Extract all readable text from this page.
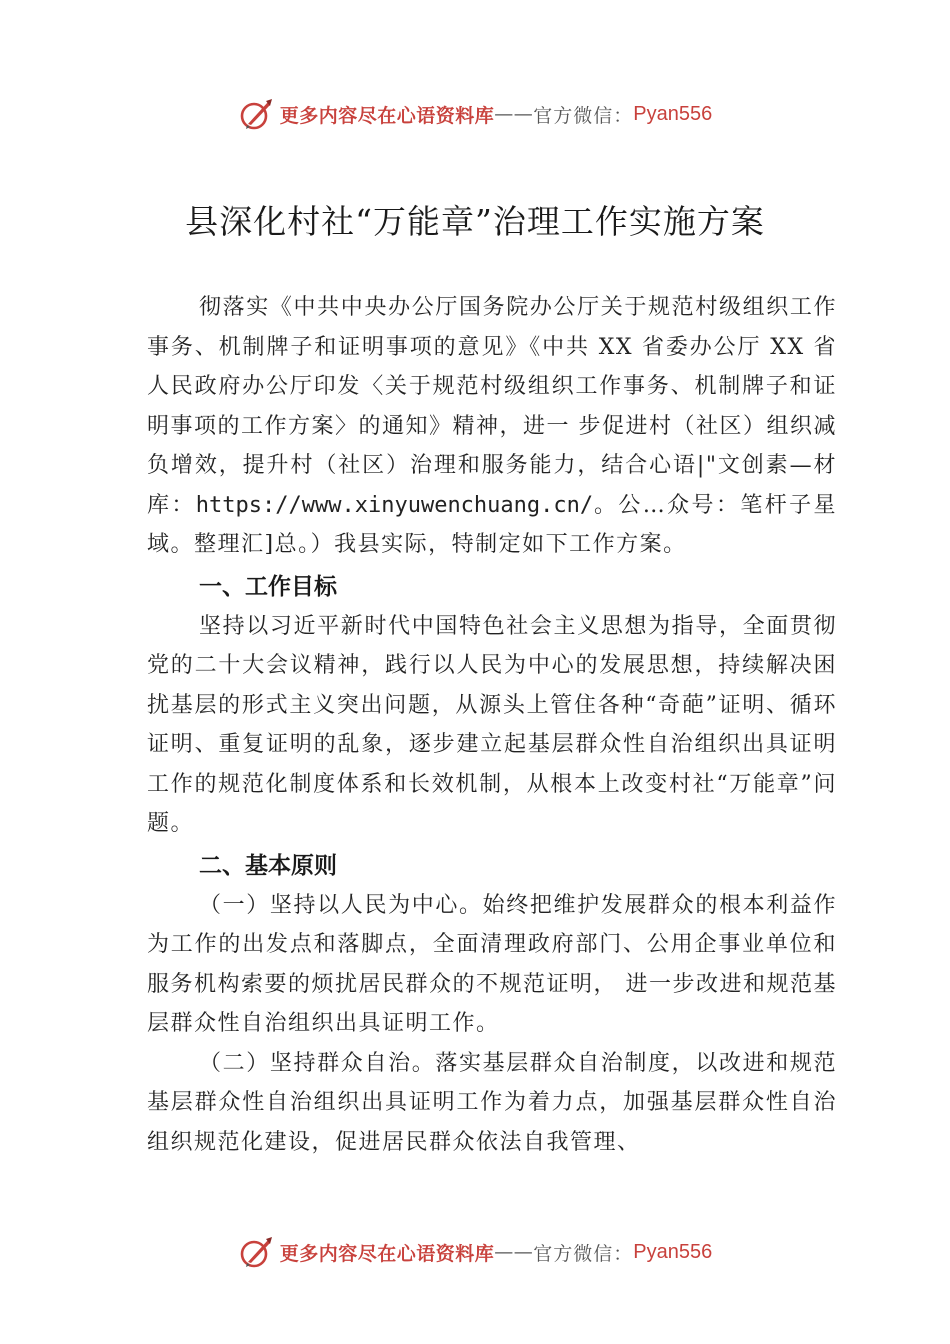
更多内容尽在心语资料库 —— 官方微信： Pyan556
县深化村社“万能章”治理工作实施方案

彻落实《中共中央办公厅国务院办公厅关于规范村级组织工作事务、机制牌子和证明事项的意见》《中共 XX 省委办公厅 XX 省人民政府办公厅印发〈关于规范村级组织工作事务、机制牌子和证明事项的工作方案〉的通知》精神，进一 步促进村（社区）组织减负增效，提升村（社区）治理和服务能力，结合心语|"文创素—材库：https://www.xinyuwenchuang.cn/。公…众号：笔杆子星域。整理汇]总。）我县实际，特制定如下工作方案。

一、工作目标

坚持以习近平新时代中国特色社会主义思想为指导，全面贯彻党的二十大会议精神，践行以人民为中心的发展思想，持续解决困扰基层的形式主义突出问题，从源头上管住各种“奇葩”证明、循环证明、重复证明的乱象，逐步建立起基层群众性自治组织出具证明工作的规范化制度体系和长效机制，从根本上改变村社“万能章”问题。

二、基本原则

（一）坚持以人民为中心。始终把维护发展群众的根本利益作为工作的出发点和落脚点，全面清理政府部门、公用企事业单位和服务机构索要的烦扰居民群众的不规范证明， 进一步改进和规范基层群众性自治组织出具证明工作。

（二）坚持群众自治。落实基层群众自治制度，以改进和规范基层群众性自治组织出具证明工作为着力点，加强基层群众性自治组织规范化建设，促进居民群众依法自我管理、

更多内容尽在心语资料库 —— 官方微信： Pyan556
